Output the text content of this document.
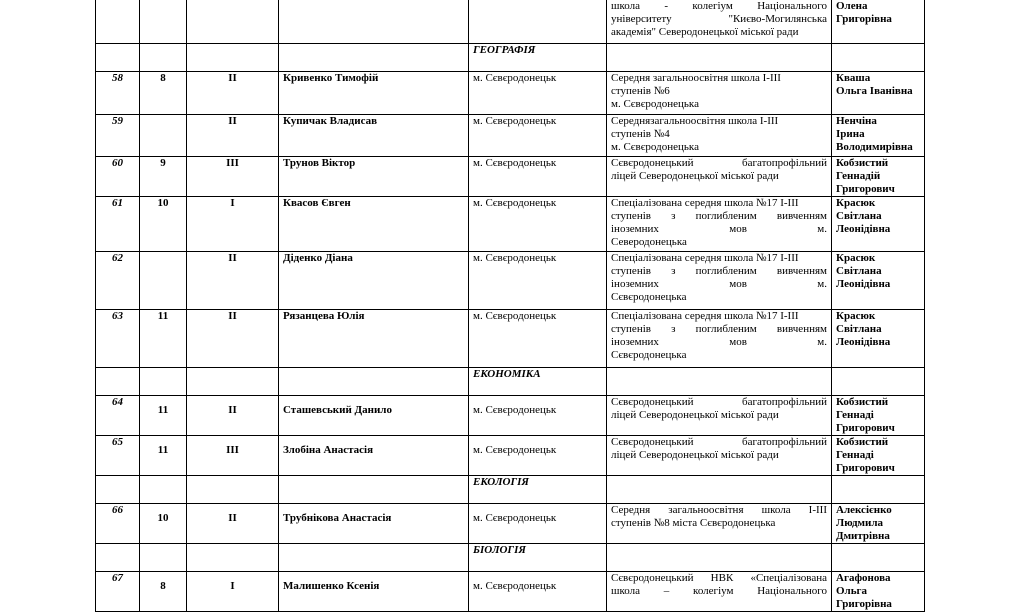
					школа - колегіум Національного
університету "Києво-Могилянська
академія" Северодонецької міської ради	Олена Григорівна

				ГЕОГРАФІЯ		
58	8	II	Кривенко Тимофій	м. Сєвєродонецьк	Середня загальноосвітня школа І-ІІІ
ступенів №6
м. Сєвєродонецька	Кваша
Ольга Іванівна

59		II	Купичак Владисав	м. Сєвєродонецьк	Середнязагальноосвітня школа І-ІІІ
ступенів №4
м. Сєвєродонецька	Ненчіна
Ірина Володимирівна

60	9	III	Трунов Віктор	м. Сєвєродонецьк	Сєвєродонецький багатопрофільний
ліцей Северодонецької міської ради	Кобзистий
Геннадій Григорович

61	10	I	Квасов Євген	м. Сєвєродонецьк	Спеціалізована середня школа №17 І-ІІІ
ступенів з поглибленим вивченням
іноземних мов м.
Северодонецька	Красюк
Світлана Леонідівна

62		II	Діденко Діана	м. Сєвєродонецьк	Спеціалізована середня школа №17 І-ІІІ
ступенів з поглибленим вивченням
іноземних мов м.
Сєвєродонецька	Красюк
Світлана Леонідівна

63	11	II	Рязанцева Юлія	м. Сєвєродонецьк	Спеціалізована середня школа №17 І-ІІІ
ступенів з поглибленим вивченням
іноземних мов м.
Сєвєродонецька	Красюк
Світлана Леонідівна

				ЕКОНОМІКА		
64	11	II	Сташевський Данило	м. Сєвєродонецьк	Сєвєродонецький багатопрофільний
ліцей Северодонецької міської ради	Кобзистий
Геннаді Григорович

65	11	III	Злобіна Анастасія	м. Сєвєродонецьк	Сєвєродонецький багатопрофільний
ліцей Северодонецької міської ради	Кобзистий
Геннаді Григорович

				ЕКОЛОГІЯ		
66	10	II	Трубнікова Анастасія	м. Сєвєродонецьк	Середня загальноосвітня школа І-ІІІ
ступенів №8 міста Сєвєродонецька	Алексієнко
Людмила Дмитрівна

				БІОЛОГІЯ		
67	8	I	Малишенко Ксенія	м. Сєвєродонецьк	Сєвєродонецький НВК «Спеціалізована
школа – колегіум Національного	Агафонова
Ольга Григорівна
